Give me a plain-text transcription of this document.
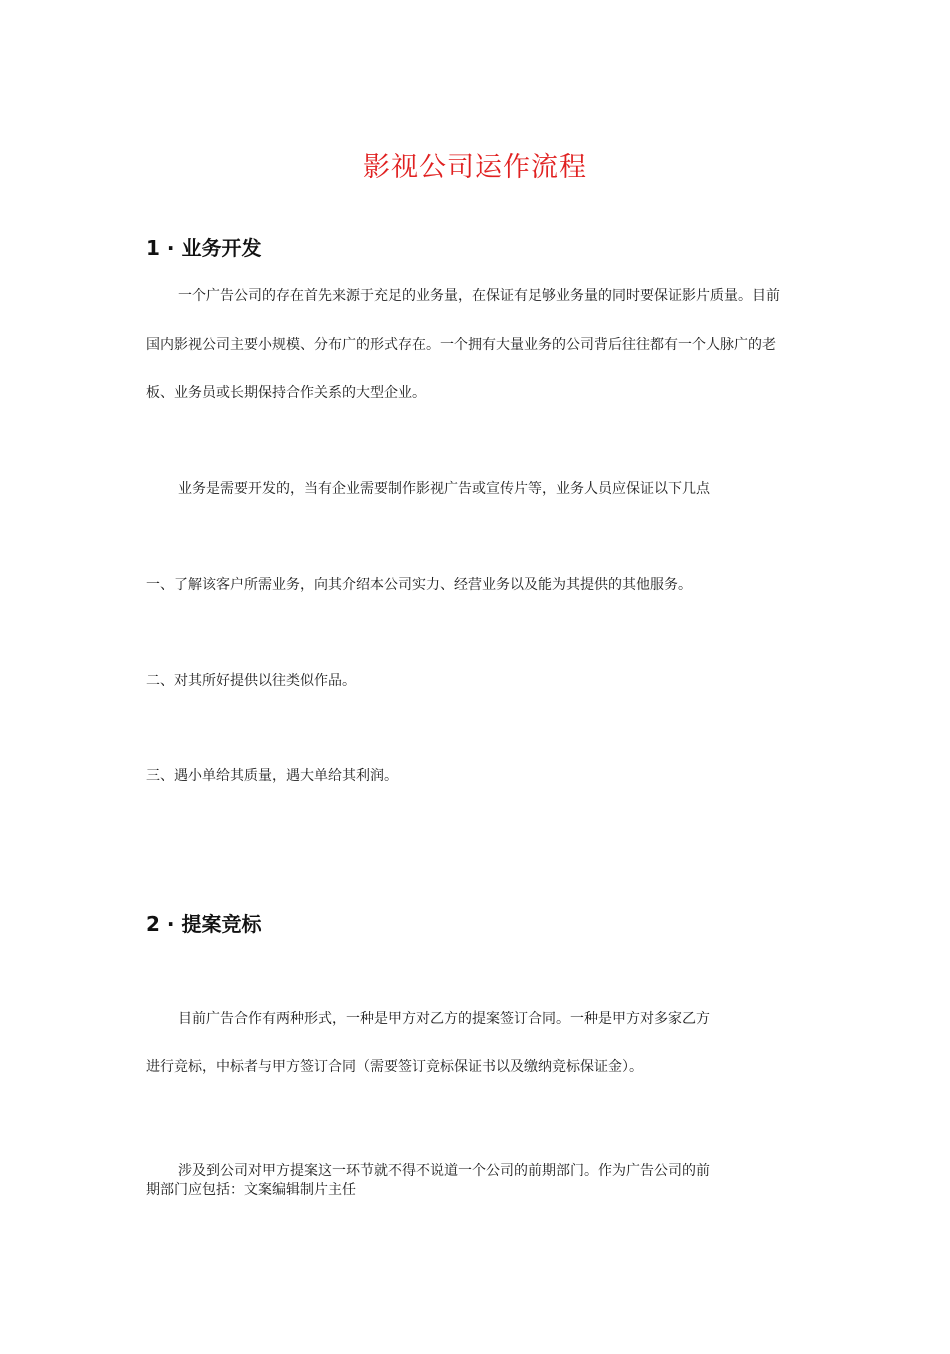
影视公司运作流程
1 · 业务开发
一个广告公司的存在首先来源于充足的业务量，在保证有足够业务量的同时要保证影片质量。目前
国内影视公司主要小规模、分布广的形式存在。一个拥有大量业务的公司背后往往都有一个人脉广的老
板、业务员或长期保持合作关系的大型企业。
业务是需要开发的，当有企业需要制作影视广告或宣传片等，业务人员应保证以下几点
一、了解该客户所需业务，向其介绍本公司实力、经营业务以及能为其提供的其他服务。
二、对其所好提供以往类似作品。
三、遇小单给其质量，遇大单给其利润。
2 · 提案竞标
目前广告合作有两种形式，一种是甲方对乙方的提案签订合同。一种是甲方对多家乙方
进行竞标，中标者与甲方签订合同（需要签订竞标保证书以及缴纳竞标保证金）。
涉及到公司对甲方提案这一环节就不得不说道一个公司的前期部门。作为广告公司的前
期部门应包括：文案编辑制片主任
